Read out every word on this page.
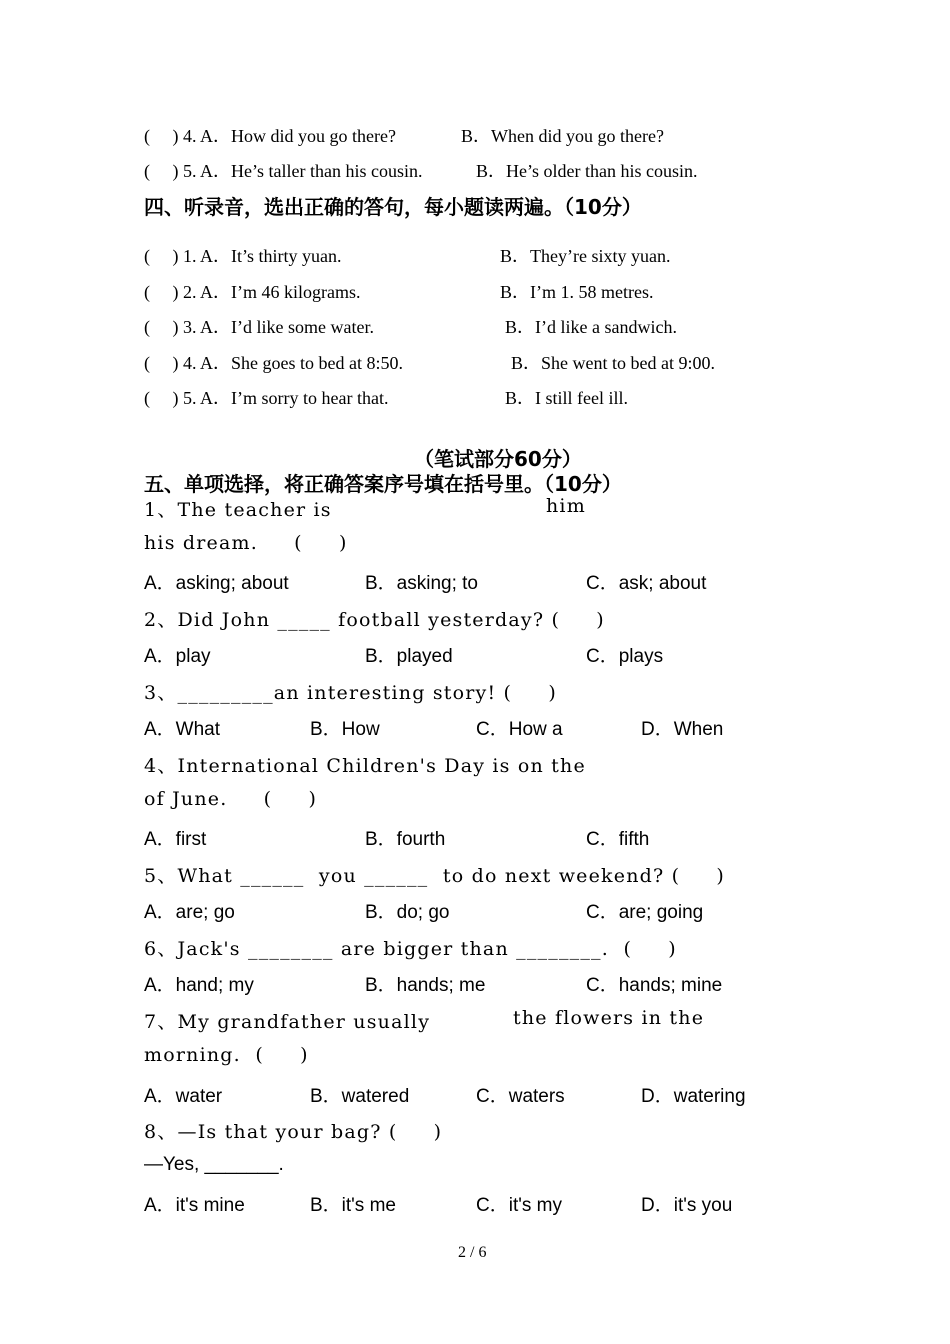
(     ) 4. A．How did you go there?	B．When did you go there?
(     ) 5. A．He’s taller than his cousin.	B．He’s older than his cousin.
四、听录音，选出正确的答句，每小题读两遍。（10分）
(     ) 1. A．It’s thirty yuan.	B．They’re sixty yuan.
(     ) 2. A．I’m 46 kilograms.	B．I’m 1. 58 metres.
(     ) 3. A．I’d like some water.	B．I’d like a sandwich.
(     ) 4. A．She goes to bed at 8:50.	B．She went to bed at 9:00.
(     ) 5. A．I’m sorry to hear that.	B．I still feel ill.
（笔试部分60分）
五、单项选择，将正确答案序号填在括号里。（10分）
1、The teacher is	him
his dream.     (     )
A．asking; about	B．asking; to	C．ask; about
2、Did John _____ football yesterday? (     )
A．play	B．played	C．plays
3、_________an interesting story! (     )
A．What	B．How	C．How a	D．When
4、International Children's Day is on the
of June.     (     )
A．first	B．fourth	C．fifth
5、What ______  you ______  to do next weekend? (     )
A．are; go	B．do; go	C．are; going
6、Jack's ________ are bigger than ________.  (     )
A．hand; my	B．hands; me	C．hands; mine
7、My grandfather usually	the flowers in the
morning.  (     )
A．water	B．watered	C．waters	D．watering
8、—Is that your bag? (     )
—Yes, _______.
A．it's mine	B．it's me	C．it's my	D．it's you
2 / 6
